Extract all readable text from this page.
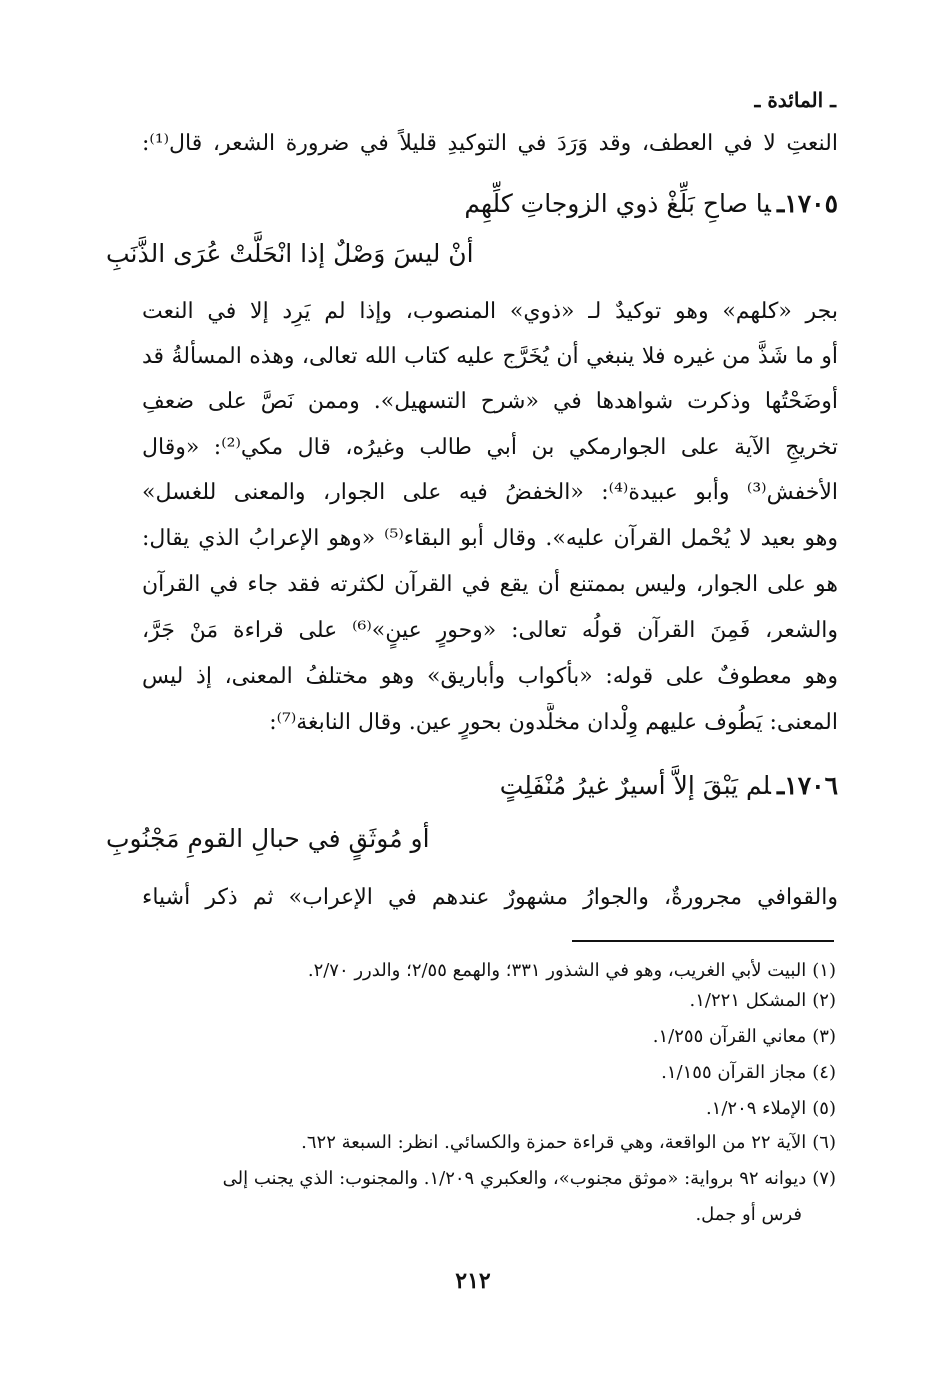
ـ المائدة ـ
النعتِ لا في العطف، وقد وَرَدَ في التوكيدِ قليلاً في ضرورة الشعر، قال⁽¹⁾:
١٧٠٥ـيا صاحِ بَلِّغْ ذوي الزوجاتِ كلِّهِم
أنْ ليسَ وَصْلٌ إذا انْحَلَّتْ عُرَى الذَّنَبِ
بجر «كلهم» وهو توكيدٌ لـ «ذوي» المنصوب، وإذا لم يَرِد إلا في النعت
أو ما شَذَّ من غيره فلا ينبغي أن يُخَرَّج عليه كتاب الله تعالى، وهذه المسألةُ قد
أوضَحْتُها وذكرت شواهدها في «شرح التسهيل». وممن نَصَّ على ضعفِ
تخريجِ الآية على الجوارمكي بن أبي طالب وغيرُه، قال مكي⁽²⁾: «وقال
الأخفش⁽³⁾ وأبو عبيدة⁽⁴⁾: «الخفضُ فيه على الجوار، والمعنى للغسل»
وهو بعيد لا يُحْمل القرآن عليه». وقال أبو البقاء⁽⁵⁾ «وهو الإعرابُ الذي يقال:
هو على الجوار، وليس بممتنع أن يقع في القرآن لكثرته فقد جاء في القرآن
والشعر، فَمِنَ القرآن قولُه تعالى: «وحورٍ عينٍ»⁽⁶⁾ على قراءة مَنْ جَرَّ،
وهو معطوفٌ على قوله: «بأكواب وأباريق» وهو مختلفُ المعنى، إذ ليس
المعنى: يَطُوف عليهم وِلْدان مخلَّدون بحورٍ عين. وقال النابغة⁽⁷⁾:
١٧٠٦ـلم يَبْقَ إلاَّ أسيرٌ غيرُ مُنْفَلِتٍ
أو مُوثَقٍ في حبالِ القومِ مَجْنُوبِ
والقوافي مجرورةٌ، والجوارُ مشهورٌ عندهم في الإعراب» ثم ذكر أشياء
(١)البيت لأبي الغريب، وهو في الشذور ٣٣١؛ والهمع ٢/٥٥؛ والدرر ٢/٧٠.
(٢)المشكل ١/٢٢١.
(٣)معاني القرآن ١/٢٥٥.
(٤)مجاز القرآن ١/١٥٥.
(٥)الإملاء ١/٢٠٩.
(٦)الآية ٢٢ من الواقعة، وهي قراءة حمزة والكسائي. انظر: السبعة ٦٢٢.
(٧)ديوانه ٩٢ برواية: «موثق مجنوب»، والعكبري ١/٢٠٩. والمجنوب: الذي يجنب إلى
فرس أو جمل.
٢١٢
